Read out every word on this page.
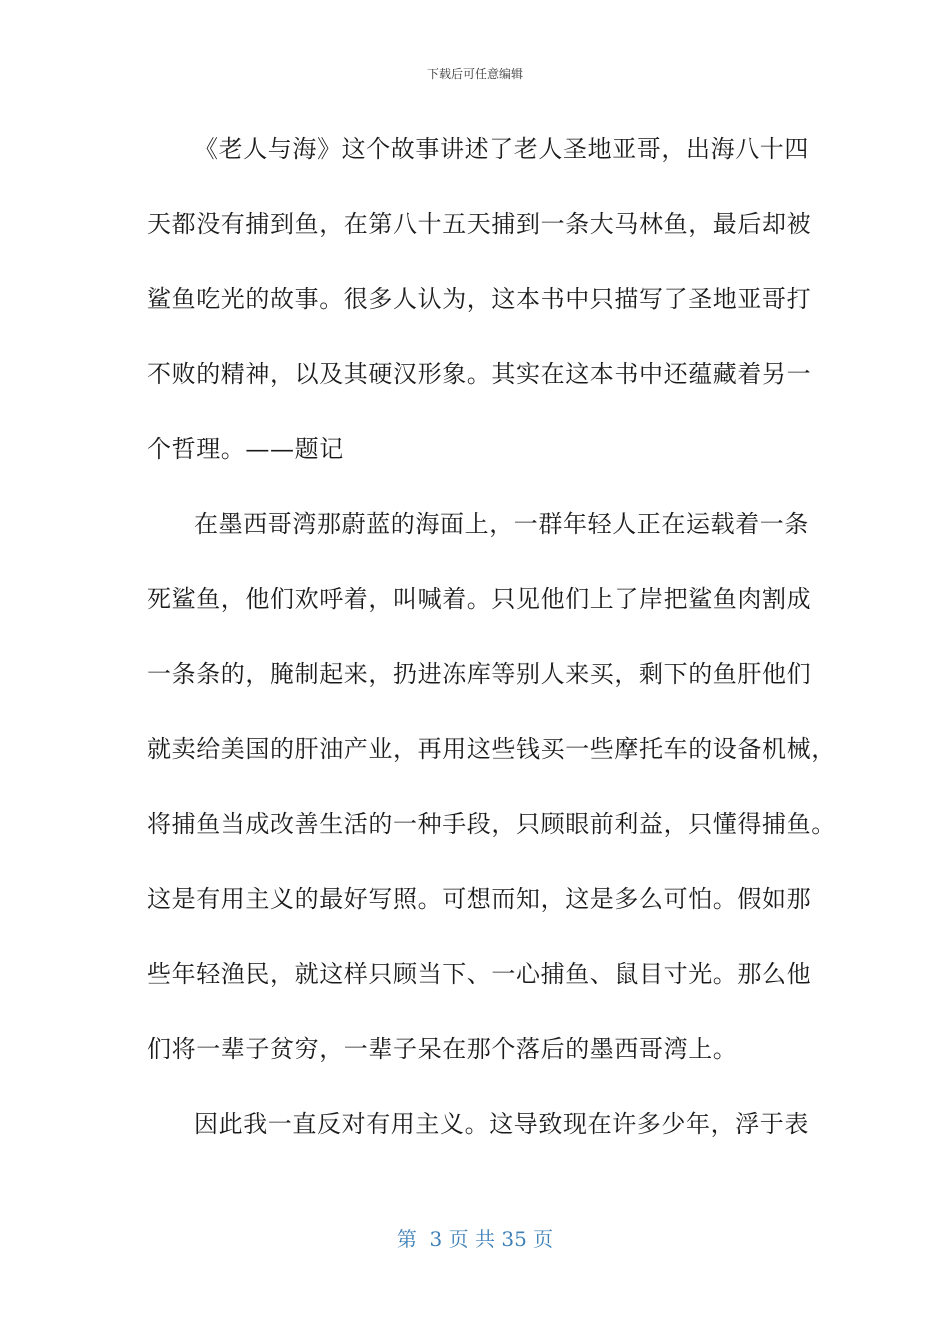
下载后可任意编辑
《老人与海》这个故事讲述了老人圣地亚哥，出海八十四
天都没有捕到鱼，在第八十五天捕到一条大马林鱼，最后却被
鲨鱼吃光的故事。很多人认为，这本书中只描写了圣地亚哥打
不败的精神，以及其硬汉形象。其实在这本书中还蕴藏着另一
个哲理。——题记
在墨西哥湾那蔚蓝的海面上，一群年轻人正在运载着一条
死鲨鱼，他们欢呼着，叫喊着。只见他们上了岸把鲨鱼肉割成
一条条的，腌制起来，扔进冻库等别人来买，剩下的鱼肝他们
就卖给美国的肝油产业，再用这些钱买一些摩托车的设备机械，
将捕鱼当成改善生活的一种手段，只顾眼前利益，只懂得捕鱼。
这是有用主义的最好写照。可想而知，这是多么可怕。假如那
些年轻渔民，就这样只顾当下、一心捕鱼、鼠目寸光。那么他
们将一辈子贫穷，一辈子呆在那个落后的墨西哥湾上。
因此我一直反对有用主义。这导致现在许多少年，浮于表
第  3 页 共 35 页
